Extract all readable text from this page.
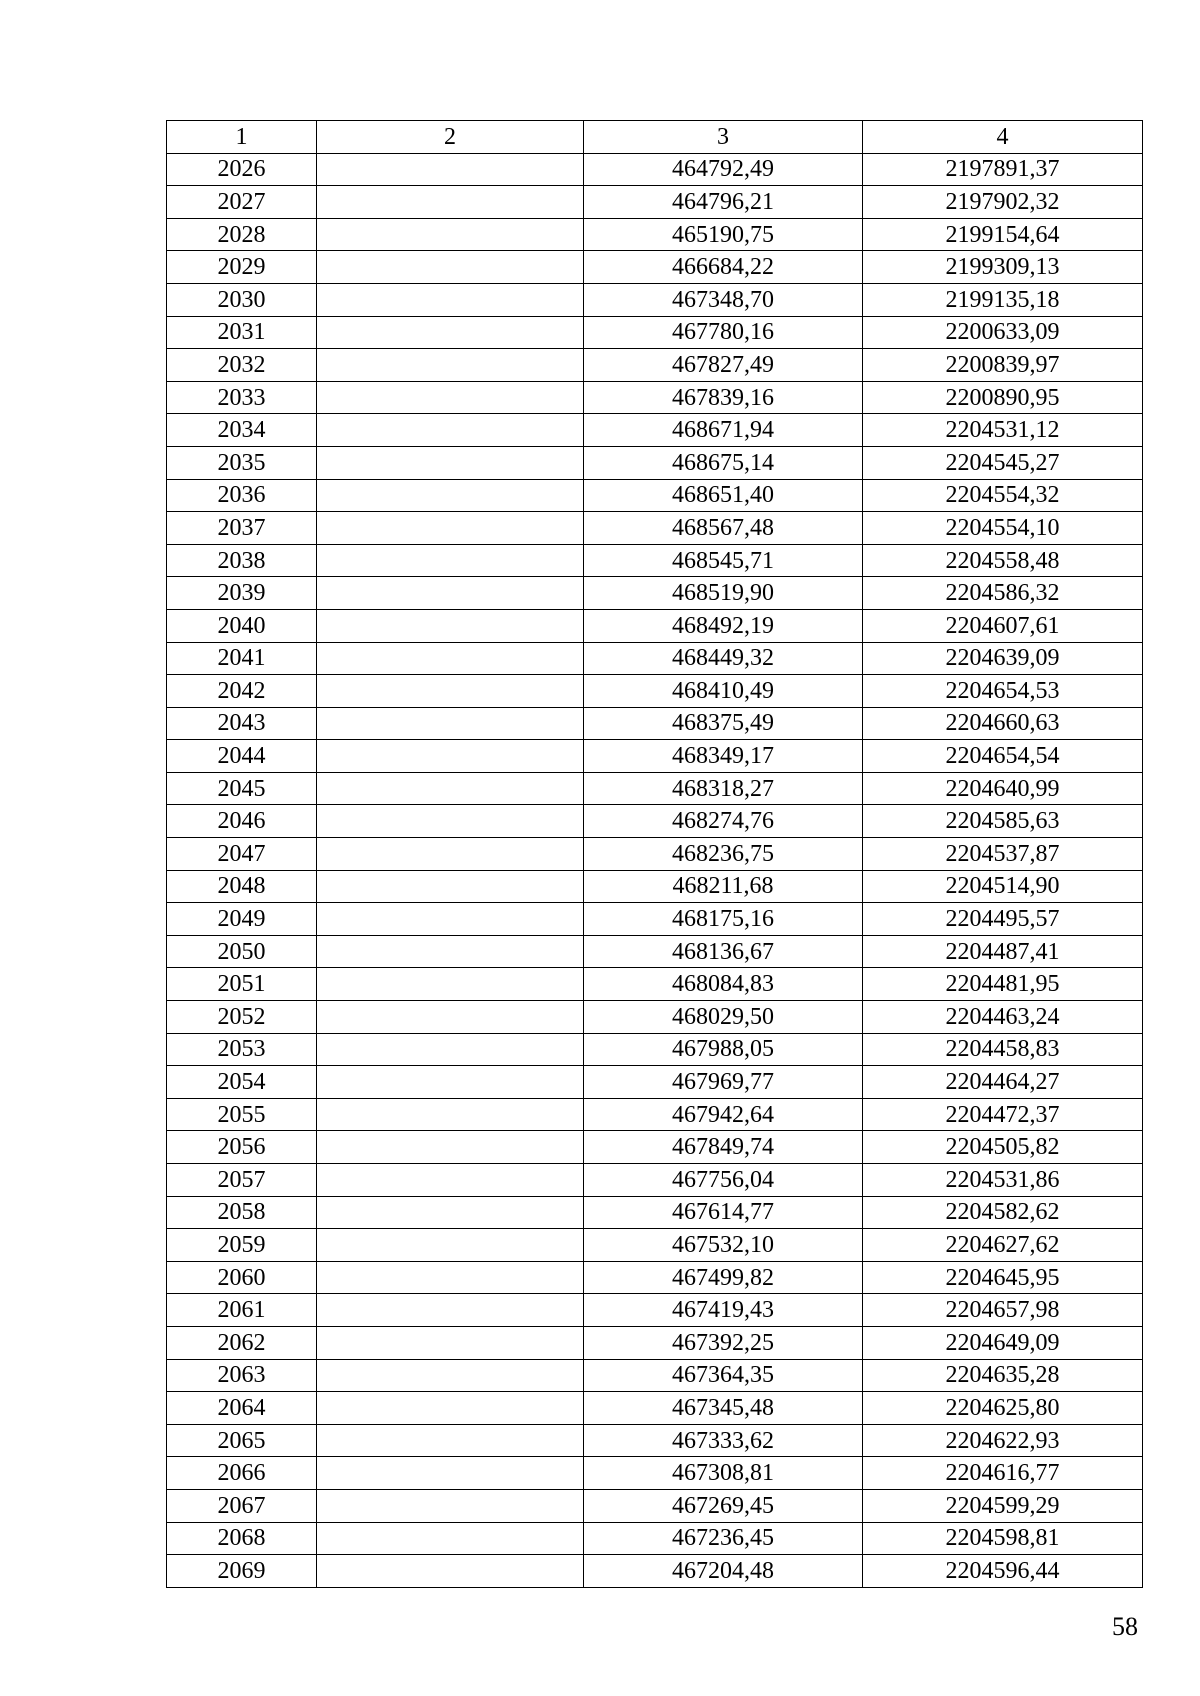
1	2	3	4
2026		464792,49	2197891,37
2027		464796,21	2197902,32
2028		465190,75	2199154,64
2029		466684,22	2199309,13
2030		467348,70	2199135,18
2031		467780,16	2200633,09
2032		467827,49	2200839,97
2033		467839,16	2200890,95
2034		468671,94	2204531,12
2035		468675,14	2204545,27
2036		468651,40	2204554,32
2037		468567,48	2204554,10
2038		468545,71	2204558,48
2039		468519,90	2204586,32
2040		468492,19	2204607,61
2041		468449,32	2204639,09
2042		468410,49	2204654,53
2043		468375,49	2204660,63
2044		468349,17	2204654,54
2045		468318,27	2204640,99
2046		468274,76	2204585,63
2047		468236,75	2204537,87
2048		468211,68	2204514,90
2049		468175,16	2204495,57
2050		468136,67	2204487,41
2051		468084,83	2204481,95
2052		468029,50	2204463,24
2053		467988,05	2204458,83
2054		467969,77	2204464,27
2055		467942,64	2204472,37
2056		467849,74	2204505,82
2057		467756,04	2204531,86
2058		467614,77	2204582,62
2059		467532,10	2204627,62
2060		467499,82	2204645,95
2061		467419,43	2204657,98
2062		467392,25	2204649,09
2063		467364,35	2204635,28
2064		467345,48	2204625,80
2065		467333,62	2204622,93
2066		467308,81	2204616,77
2067		467269,45	2204599,29
2068		467236,45	2204598,81
2069		467204,48	2204596,44
58
